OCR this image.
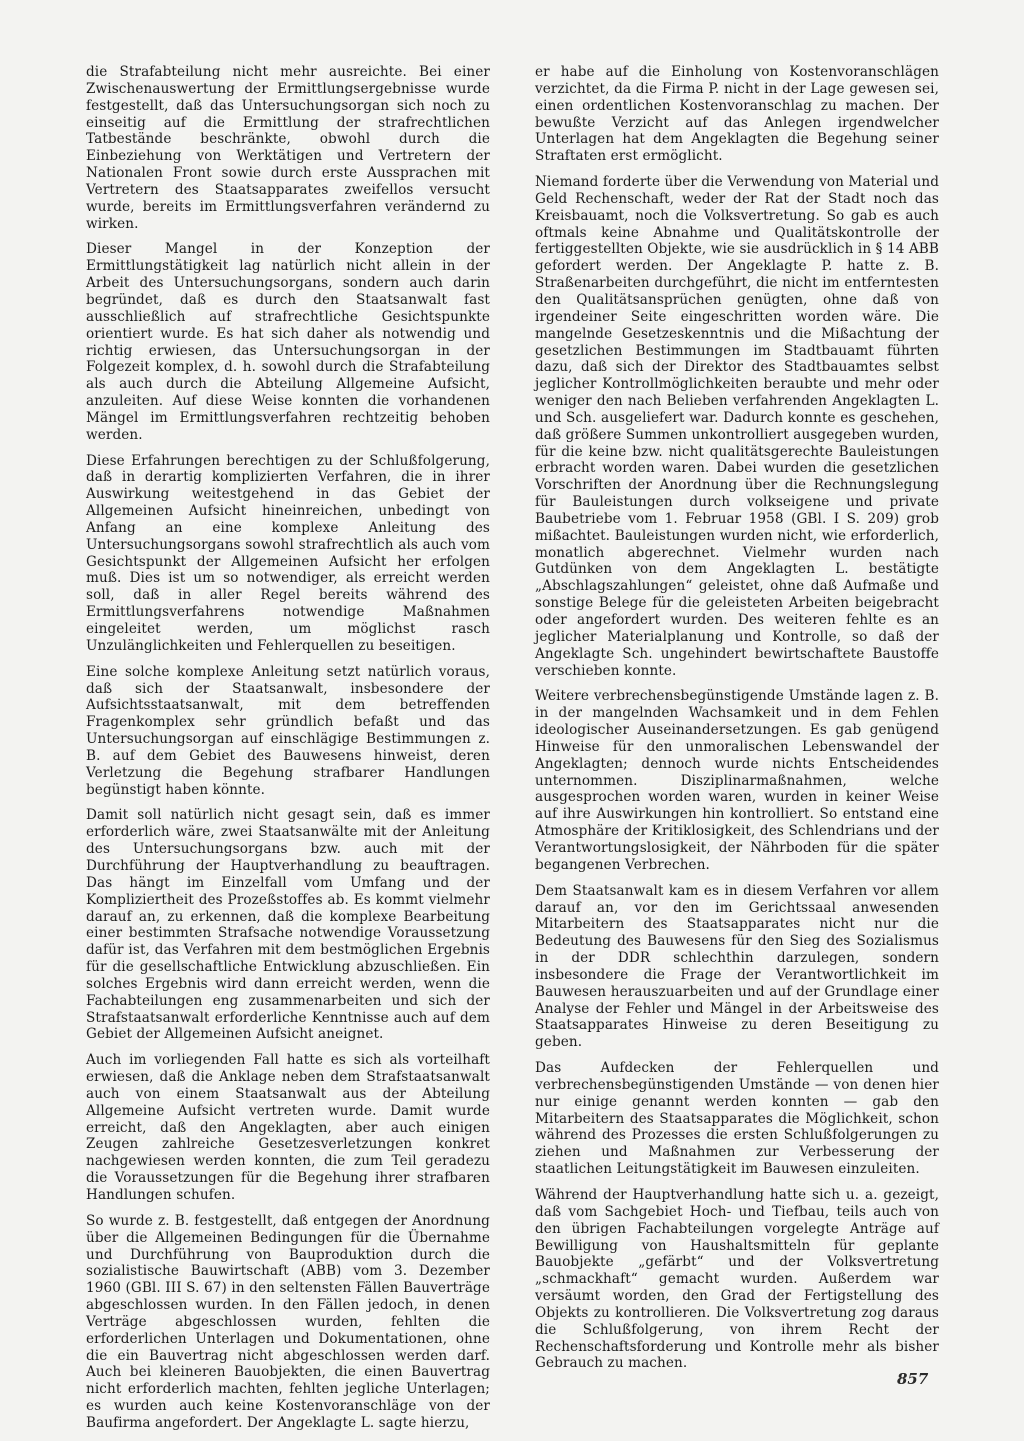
die Strafabteilung nicht mehr ausreichte. Bei einer Zwischenauswertung der Ermittlungsergebnisse wurde festgestellt, daß das Untersuchungsorgan sich noch zu einseitig auf die Ermittlung der strafrechtlichen Tatbestände beschränkte, obwohl durch die Einbeziehung von Werktätigen und Vertretern der Nationalen Front sowie durch erste Aussprachen mit Vertretern des Staatsapparates zweifellos versucht wurde, bereits im Ermittlungsverfahren verändernd zu wirken.

Dieser Mangel in der Konzeption der Ermittlungstätigkeit lag natürlich nicht allein in der Arbeit des Untersuchungsorgans, sondern auch darin begründet, daß es durch den Staatsanwalt fast ausschließlich auf strafrechtliche Gesichtspunkte orientiert wurde. Es hat sich daher als notwendig und richtig erwiesen, das Untersuchungsorgan in der Folgezeit komplex, d. h. sowohl durch die Strafabteilung als auch durch die Abteilung Allgemeine Aufsicht, anzuleiten. Auf diese Weise konnten die vorhandenen Mängel im Ermittlungsverfahren rechtzeitig behoben werden.

Diese Erfahrungen berechtigen zu der Schlußfolgerung, daß in derartig komplizierten Verfahren, die in ihrer Auswirkung weitestgehend in das Gebiet der Allgemeinen Aufsicht hineinreichen, unbedingt von Anfang an eine komplexe Anleitung des Untersuchungsorgans sowohl strafrechtlich als auch vom Gesichtspunkt der Allgemeinen Aufsicht her erfolgen muß. Dies ist um so notwendiger, als erreicht werden soll, daß in aller Regel bereits während des Ermittlungsverfahrens notwendige Maßnahmen eingeleitet werden, um möglichst rasch Unzulänglichkeiten und Fehlerquellen zu beseitigen.

Eine solche komplexe Anleitung setzt natürlich voraus, daß sich der Staatsanwalt, insbesondere der Aufsichtsstaatsanwalt, mit dem betreffenden Fragenkomplex sehr gründlich befaßt und das Untersuchungsorgan auf einschlägige Bestimmungen z. B. auf dem Gebiet des Bauwesens hinweist, deren Verletzung die Begehung strafbarer Handlungen begünstigt haben könnte.

Damit soll natürlich nicht gesagt sein, daß es immer erforderlich wäre, zwei Staatsanwälte mit der Anleitung des Untersuchungsorgans bzw. auch mit der Durchführung der Hauptverhandlung zu beauftragen. Das hängt im Einzelfall vom Umfang und der Kompliziertheit des Prozeßstoffes ab. Es kommt vielmehr darauf an, zu erkennen, daß die komplexe Bearbeitung einer bestimmten Strafsache notwendige Voraussetzung dafür ist, das Verfahren mit dem bestmöglichen Ergebnis für die gesellschaftliche Entwicklung abzuschließen. Ein solches Ergebnis wird dann erreicht werden, wenn die Fachabteilungen eng zusammenarbeiten und sich der Strafstaatsanwalt erforderliche Kenntnisse auch auf dem Gebiet der Allgemeinen Aufsicht aneignet.

Auch im vorliegenden Fall hatte es sich als vorteilhaft erwiesen, daß die Anklage neben dem Strafstaatsanwalt auch von einem Staatsanwalt aus der Abteilung Allgemeine Aufsicht vertreten wurde. Damit wurde erreicht, daß den Angeklagten, aber auch einigen Zeugen zahlreiche Gesetzesverletzungen konkret nachgewiesen werden konnten, die zum Teil geradezu die Voraussetzungen für die Begehung ihrer strafbaren Handlungen schufen.

So wurde z. B. festgestellt, daß entgegen der Anordnung über die Allgemeinen Bedingungen für die Übernahme und Durchführung von Bauproduktion durch die sozialistische Bauwirtschaft (ABB) vom 3. Dezember 1960 (GBl. III S. 67) in den seltensten Fällen Bauverträge abgeschlossen wurden. In den Fällen jedoch, in denen Verträge abgeschlossen wurden, fehlten die erforderlichen Unterlagen und Dokumentationen, ohne die ein Bauvertrag nicht abgeschlossen werden darf. Auch bei kleineren Bauobjekten, die einen Bauvertrag nicht erforderlich machten, fehlten jegliche Unterlagen; es wurden auch keine Kostenvoranschläge von der Baufirma angefordert. Der Angeklagte L. sagte hierzu,

er habe auf die Einholung von Kostenvoranschlägen verzichtet, da die Firma P. nicht in der Lage gewesen sei, einen ordentlichen Kostenvoranschlag zu machen. Der bewußte Verzicht auf das Anlegen irgendwelcher Unterlagen hat dem Angeklagten die Begehung seiner Straftaten erst ermöglicht.

Niemand forderte über die Verwendung von Material und Geld Rechenschaft, weder der Rat der Stadt noch das Kreisbauamt, noch die Volksvertretung. So gab es auch oftmals keine Abnahme und Qualitätskontrolle der fertiggestellten Objekte, wie sie ausdrücklich in § 14 ABB gefordert werden. Der Angeklagte P. hatte z. B. Straßenarbeiten durchgeführt, die nicht im entferntesten den Qualitätsansprüchen genügten, ohne daß von irgendeiner Seite eingeschritten worden wäre. Die mangelnde Gesetzeskenntnis und die Mißachtung der gesetzlichen Bestimmungen im Stadtbauamt führten dazu, daß sich der Direktor des Stadtbauamtes selbst jeglicher Kontrollmöglichkeiten beraubte und mehr oder weniger den nach Belieben verfahrenden Angeklagten L. und Sch. ausgeliefert war. Dadurch konnte es geschehen, daß größere Summen unkontrolliert ausgegeben wurden, für die keine bzw. nicht qualitätsgerechte Bauleistungen erbracht worden waren. Dabei wurden die gesetzlichen Vorschriften der Anordnung über die Rechnungslegung für Bauleistungen durch volkseigene und private Baubetriebe vom 1. Februar 1958 (GBl. I S. 209) grob mißachtet. Bauleistungen wurden nicht, wie erforderlich, monatlich abgerechnet. Vielmehr wurden nach Gutdünken von dem Angeklagten L. bestätigte „Abschlagszahlungen“ geleistet, ohne daß Aufmaße und sonstige Belege für die geleisteten Arbeiten beigebracht oder angefordert wurden. Des weiteren fehlte es an jeglicher Materialplanung und Kontrolle, so daß der Angeklagte Sch. ungehindert bewirtschaftete Baustoffe verschieben konnte.

Weitere verbrechensbegünstigende Umstände lagen z. B. in der mangelnden Wachsamkeit und in dem Fehlen ideologischer Auseinandersetzungen. Es gab genügend Hinweise für den unmoralischen Lebenswandel der Angeklagten; dennoch wurde nichts Entscheidendes unternommen. Disziplinarmaßnahmen, welche ausgesprochen worden waren, wurden in keiner Weise auf ihre Auswirkungen hin kontrolliert. So entstand eine Atmosphäre der Kritiklosigkeit, des Schlendrians und der Verantwortungslosigkeit, der Nährboden für die später begangenen Verbrechen.

Dem Staatsanwalt kam es in diesem Verfahren vor allem darauf an, vor den im Gerichtssaal anwesenden Mitarbeitern des Staatsapparates nicht nur die Bedeutung des Bauwesens für den Sieg des Sozialismus in der DDR schlechthin darzulegen, sondern insbesondere die Frage der Verantwortlichkeit im Bauwesen herauszuarbeiten und auf der Grundlage einer Analyse der Fehler und Mängel in der Arbeitsweise des Staatsapparates Hinweise zu deren Beseitigung zu geben.

Das Aufdecken der Fehlerquellen und verbrechensbegünstigenden Umstände — von denen hier nur einige genannt werden konnten — gab den Mitarbeitern des Staatsapparates die Möglichkeit, schon während des Prozesses die ersten Schlußfolgerungen zu ziehen und Maßnahmen zur Verbesserung der staatlichen Leitungstätigkeit im Bauwesen einzuleiten.

Während der Hauptverhandlung hatte sich u. a. gezeigt, daß vom Sachgebiet Hoch- und Tiefbau, teils auch von den übrigen Fachabteilungen vorgelegte Anträge auf Bewilligung von Haushaltsmitteln für geplante Bauobjekte „gefärbt“ und der Volksvertretung „schmackhaft“ gemacht wurden. Außerdem war versäumt worden, den Grad der Fertigstellung des Objekts zu kontrollieren. Die Volksvertretung zog daraus die Schlußfolgerung, von ihrem Recht der Rechenschaftsforderung und Kontrolle mehr als bisher Gebrauch zu machen.

857
